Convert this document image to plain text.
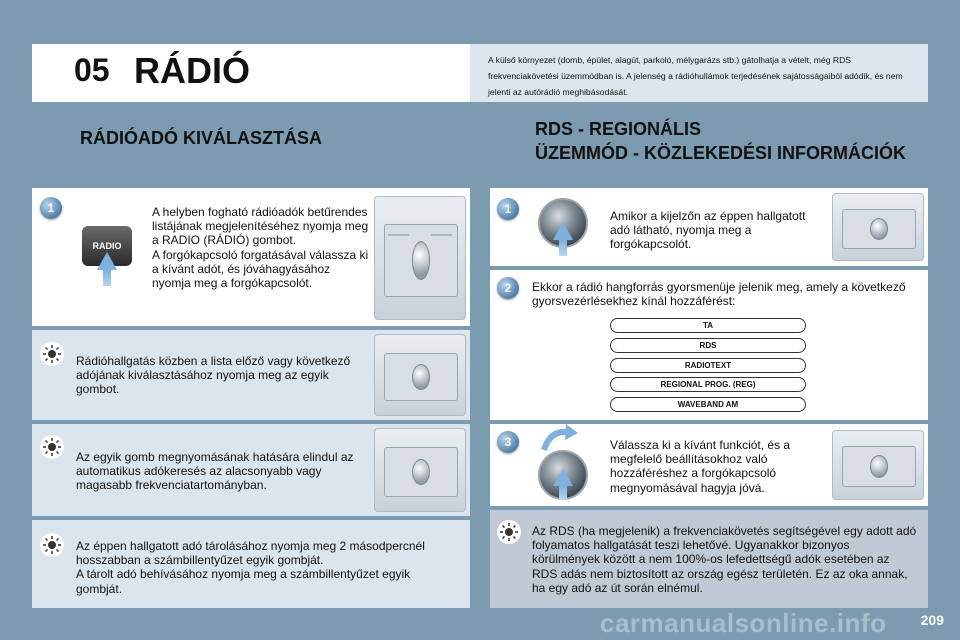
05 RÁDIÓ	A külső környezet (domb, épület, alagút, parkoló, mélygarázs stb.) gátolhatja a vételt, még RDS frekvenciakövetési üzemmódban is. A jelenség a rádióhullámok terjedésének sajátosságaiból adódik, és nem jelenti az autórádió meghibásodását.
RÁDIÓADÓ KIVÁLASZTÁSA	RDS - REGIONÁLIS
ÜZEMMÓD - KÖZLEKEDÉSI INFORMÁCIÓK
1
RADIO
A helyben fogható rádióadók betűrendes listájának megjelenítéséhez nyomja meg a RADIO (RÁDIÓ) gombot.
A forgókapcsoló forgatásával válassza ki a kívánt adót, és jóváhagyásához nyomja meg a forgókapcsolót.
Rádióhallgatás közben a lista előző vagy következő adójának kiválasztásához nyomja meg az egyik gombot.
Az egyik gomb megnyomásának hatására elindul az automatikus adókeresés az alacsonyabb vagy magasabb frekvenciatartományban.
Az éppen hallgatott adó tárolásához nyomja meg 2 másodpercnél hosszabban a számbillentyűzet egyik gombját.
A tárolt adó behívásához nyomja meg a számbillentyűzet egyik gombját.
1	Amikor a kijelzőn az éppen hallgatott adó látható, nyomja meg a forgókapcsolót.
2	Ekkor a rádió hangforrás gyorsmenüje jelenik meg, amely a következő gyorsvezérlésekhez kínál hozzáférést:
TA
RDS
RADIOTEXT
REGIONAL PROG. (REG)
WAVEBAND AM
3	Válassza ki a kívánt funkciót, és a megfelelő beállításokhoz való hozzáféréshez a forgókapcsoló megnyomásával hagyja jóvá.
Az RDS (ha megjelenik) a frekvenciakövetés segítségével egy adott adó folyamatos hallgatását teszi lehetővé. Ugyanakkor bizonyos körülmények között a nem 100%-os lefedettségű adók esetében az RDS adás nem biztosított az ország egész területén. Ez az oka annak, ha egy adó az út során elnémul.
carmanualsonline.info 209
